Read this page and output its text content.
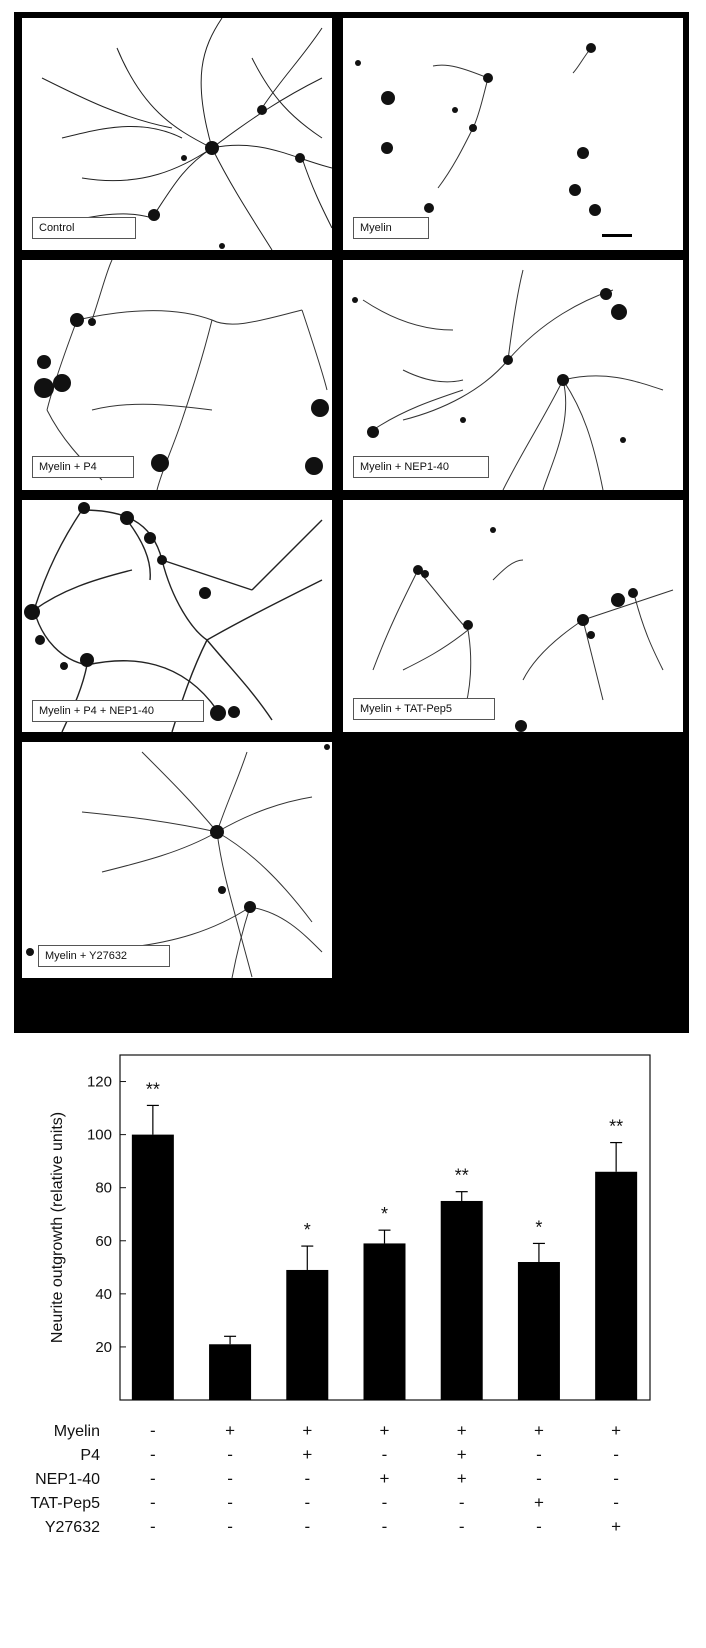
Control	Myelin
Myelin + P4	Myelin + NEP1-40
Myelin + P4 + NEP1-40	Myelin + TAT-Pep5
Myelin + Y27632
20
40
60
80
100
120
Neurite outgrowth (relative units)
**
*
*
**
*
**
Myelin	-	+	+	+	+	+	+
P4	-	-	+	-	+	-	-
NEP1-40	-	-	-	+	+	-	-
TAT-Pep5	-	-	-	-	-	+	-
Y27632	-	-	-	-	-	-	+
